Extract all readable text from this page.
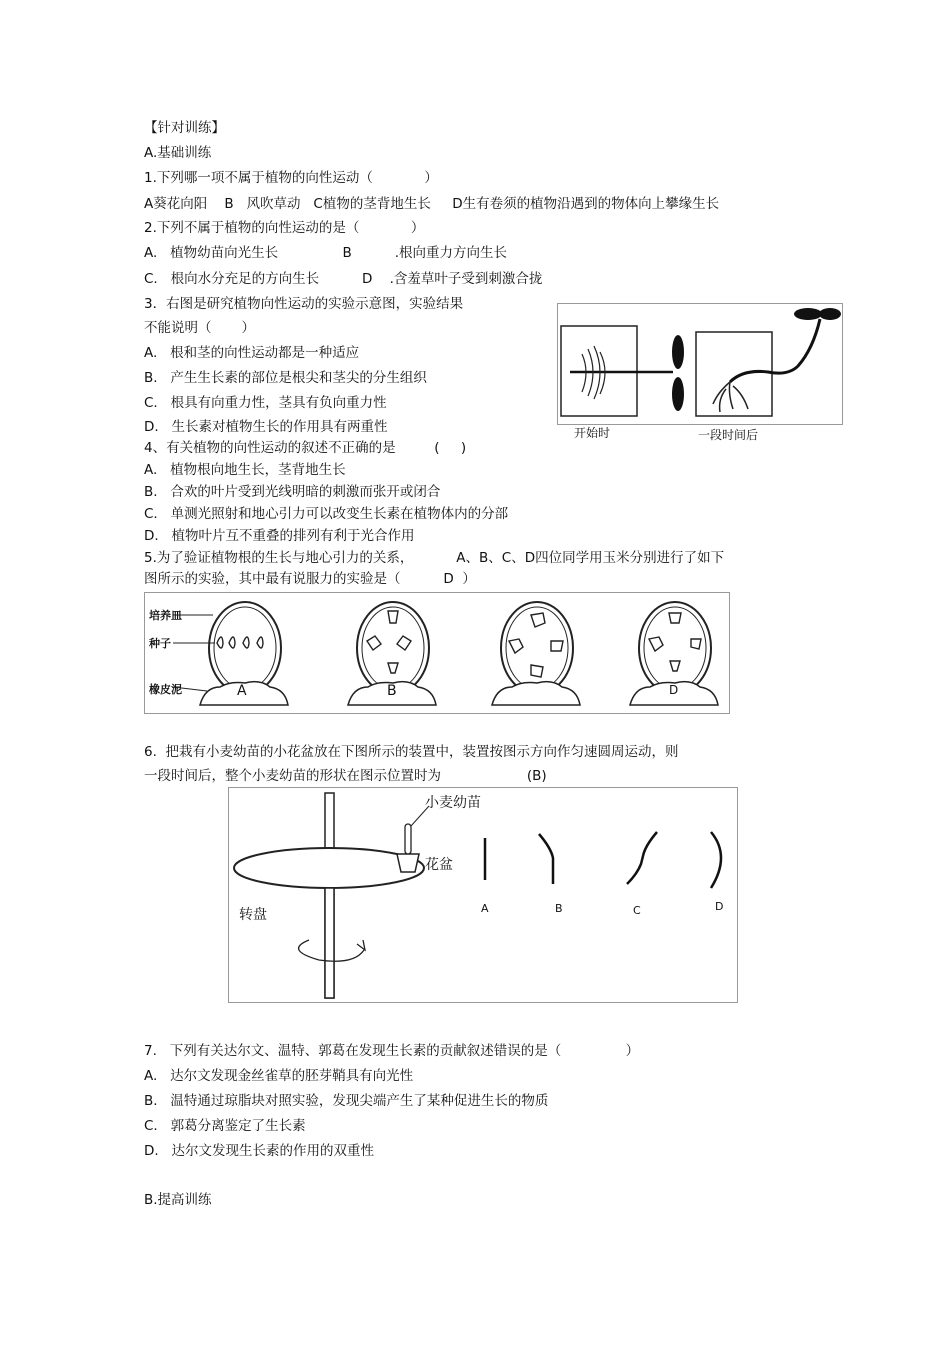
【针对训练】
A.基础训练
1.下列哪一项不属于植物的向性运动（            ）
A葵花向阳    B   风吹草动   C植物的茎背地生长     D生有卷须的植物沿遇到的物体向上攀缘生长
2.下列不属于植物的向性运动的是（            ）
A.   植物幼苗向光生长               B          .根向重力方向生长
C.   根向水分充足的方向生长          D    .含羞草叶子受到刺激合拢
3．右图是研究植物向性运动的实验示意图，实验结果
不能说明（       ）
A.   根和茎的向性运动都是一种适应
B.   产生生长素的部位是根尖和茎尖的分生组织
C.   根具有向重力性，茎具有负向重力性
D.   生长素对植物生长的作用具有两重性	开始时	一段时间后
4、有关植物的向性运动的叙述不正确的是         (     )
A.   植物根向地生长，茎背地生长
B.   合欢的叶片受到光线明暗的刺激而张开或闭合
C.   单测光照射和地心引力可以改变生长素在植物体内的分部
D.   植物叶片互不重叠的排列有利于光合作用
5.为了验证植物根的生长与地心引力的关系，          A、B、C、D四位同学用玉米分别进行了如下
图所示的实验，其中最有说服力的实验是（          D  ）
培养皿
种子
橡皮泥	A	B	D
6.  把栽有小麦幼苗的小花盆放在下图所示的装置中，装置按图示方向作匀速圆周运动，则
一段时间后，整个小麦幼苗的形状在图示位置时为                    (B)
小麦幼苗
花盆
转盘	A	B	C	D
7.   下列有关达尔文、温特、郭葛在发现生长素的贡献叙述错误的是（               ）
A.   达尔文发现金丝雀草的胚芽鞘具有向光性
B.   温特通过琼脂块对照实验，发现尖端产生了某种促进生长的物质
C.   郭葛分离鉴定了生长素
D.   达尔文发现生长素的作用的双重性
B.提高训练
